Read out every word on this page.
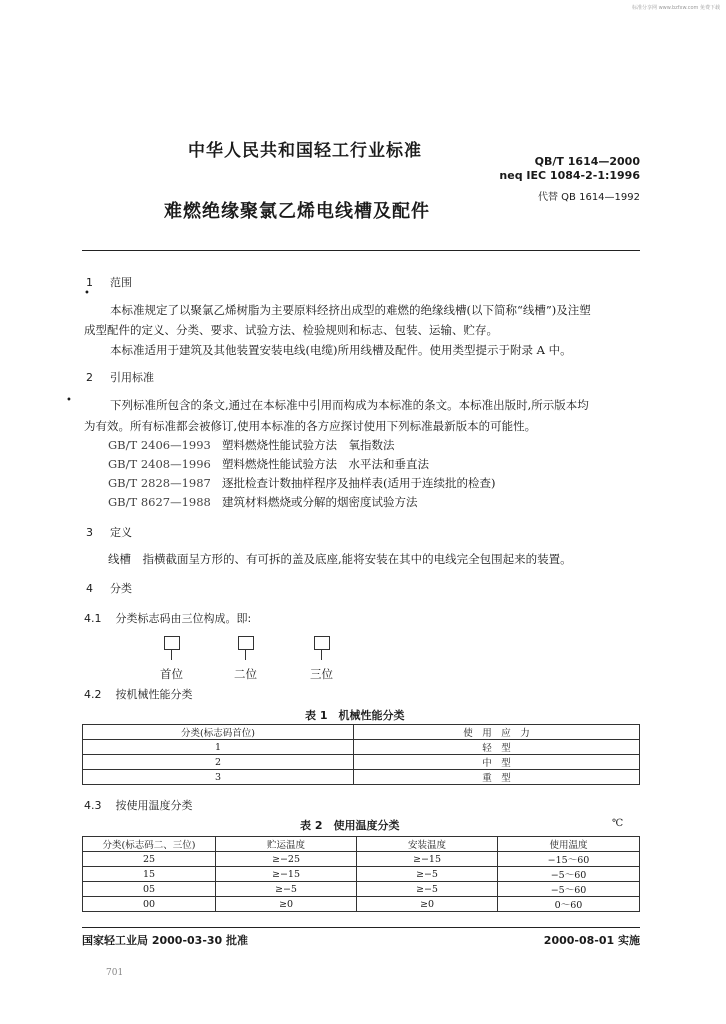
标准分享网 www.bzfxw.com 免费下载
中华人民共和国轻工行业标准
QB/T 1614—2000
neq IEC 1084-2-1:1996
代替 QB 1614—1992
难燃绝缘聚氯乙烯电线槽及配件
1 范围
•
本标准规定了以聚氯乙烯树脂为主要原料经挤出成型的难燃的绝缘线槽(以下简称“线槽”)及注塑
成型配件的定义、分类、要求、试验方法、检验规则和标志、包装、运输、贮存。
本标准适用于建筑及其他装置安装电线(电缆)所用线槽及配件。使用类型提示于附录 A 中。
2 引用标准
•	下列标准所包含的条文,通过在本标准中引用而构成为本标准的条文。本标准出版时,所示版本均
为有效。所有标准都会被修订,使用本标准的各方应探讨使用下列标准最新版本的可能性。
GB/T 2406—1993 塑料燃烧性能试验方法　氧指数法
GB/T 2408—1996 塑料燃烧性能试验方法　水平法和垂直法
GB/T 2828—1987 逐批检查计数抽样程序及抽样表(适用于连续批的检查)
GB/T 8627—1988 建筑材料燃烧或分解的烟密度试验方法
3 定义
线槽　指横截面呈方形的、有可拆的盖及底座,能将安装在其中的电线完全包围起来的装置。
4 分类
4.1 分类标志码由三位构成。即:
首位	二位	三位
4.2 按机械性能分类
表 1　机械性能分类
分类(标志码首位)	使　用　应　力
1	轻　型
2	中　型
3	重　型
4.3 按使用温度分类
表 2　使用温度分类	℃
分类(标志码二、三位)	贮运温度	安装温度	使用温度
25	≥−25	≥−15	−15～60
15	≥−15	≥−5	−5～60
05	≥−5	≥−5	−5～60
00	≥0	≥0	0～60
国家轻工业局 2000-03-30 批准	2000-08-01 实施
701
